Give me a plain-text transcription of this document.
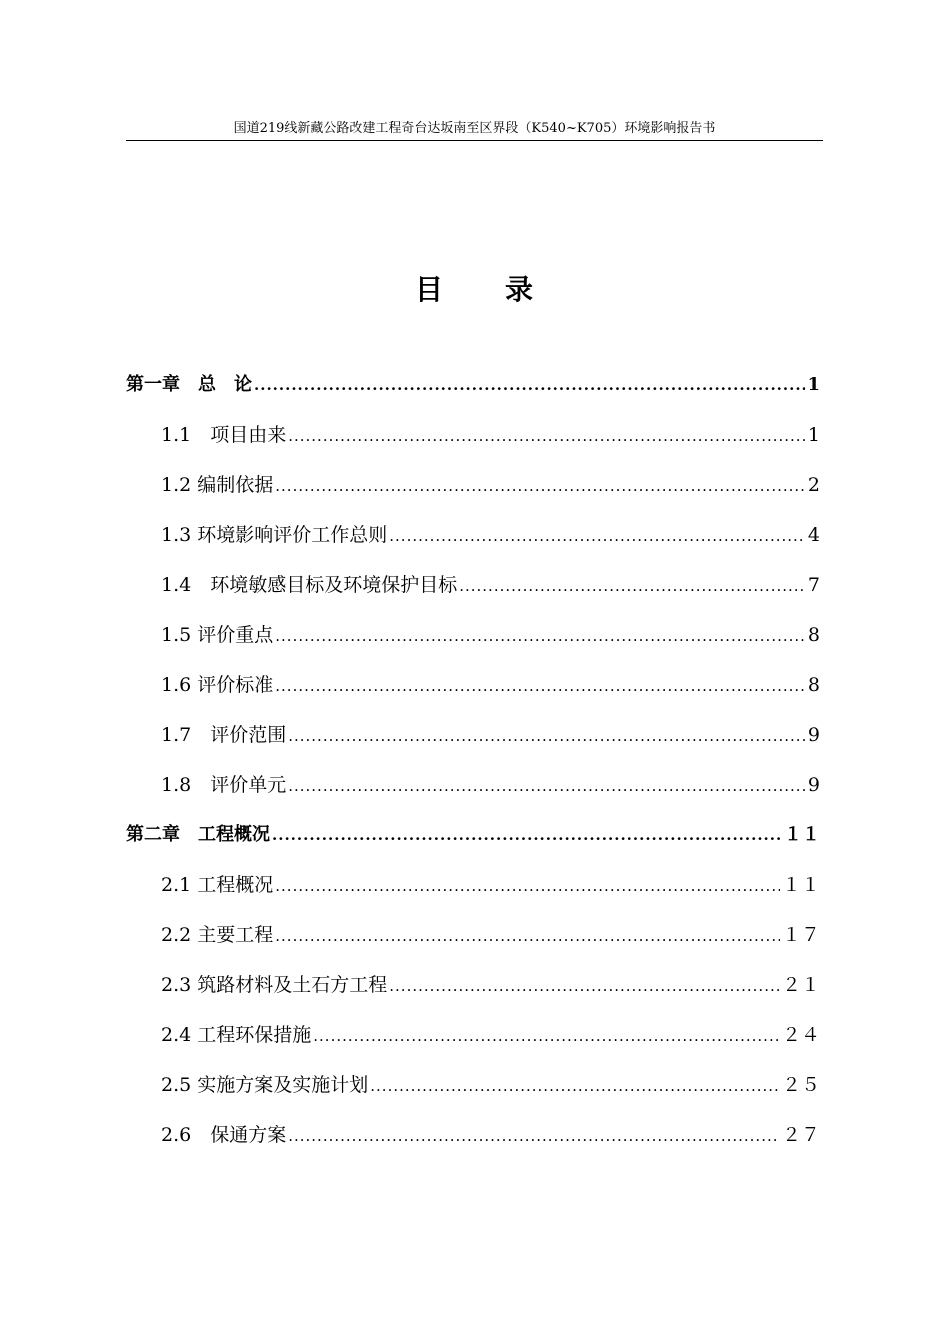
国道219线新藏公路改建工程奇台达坂南至区界段（K540~K705）环境影响报告书
目　　录
第一章　总　论 .....	1
1.1　项目由来 .....	1
1.2 编制依据 .....	2
1.3 环境影响评价工作总则 .....	4
1.4　环境敏感目标及环境保护目标 .....	7
1.5 评价重点 .....	8
1.6 评价标准 .....	8
1.7　评价范围 .....	9
1.8　评价单元 .....	9
第二章　工程概况 .....	１１
2.1 工程概况 .....	１１
2.2 主要工程 .....	１７
2.3 筑路材料及土石方工程 .....	２１
2.4 工程环保措施 .....	２４
2.5 实施方案及实施计划 .....	２５
2.6　保通方案 .....	２７
